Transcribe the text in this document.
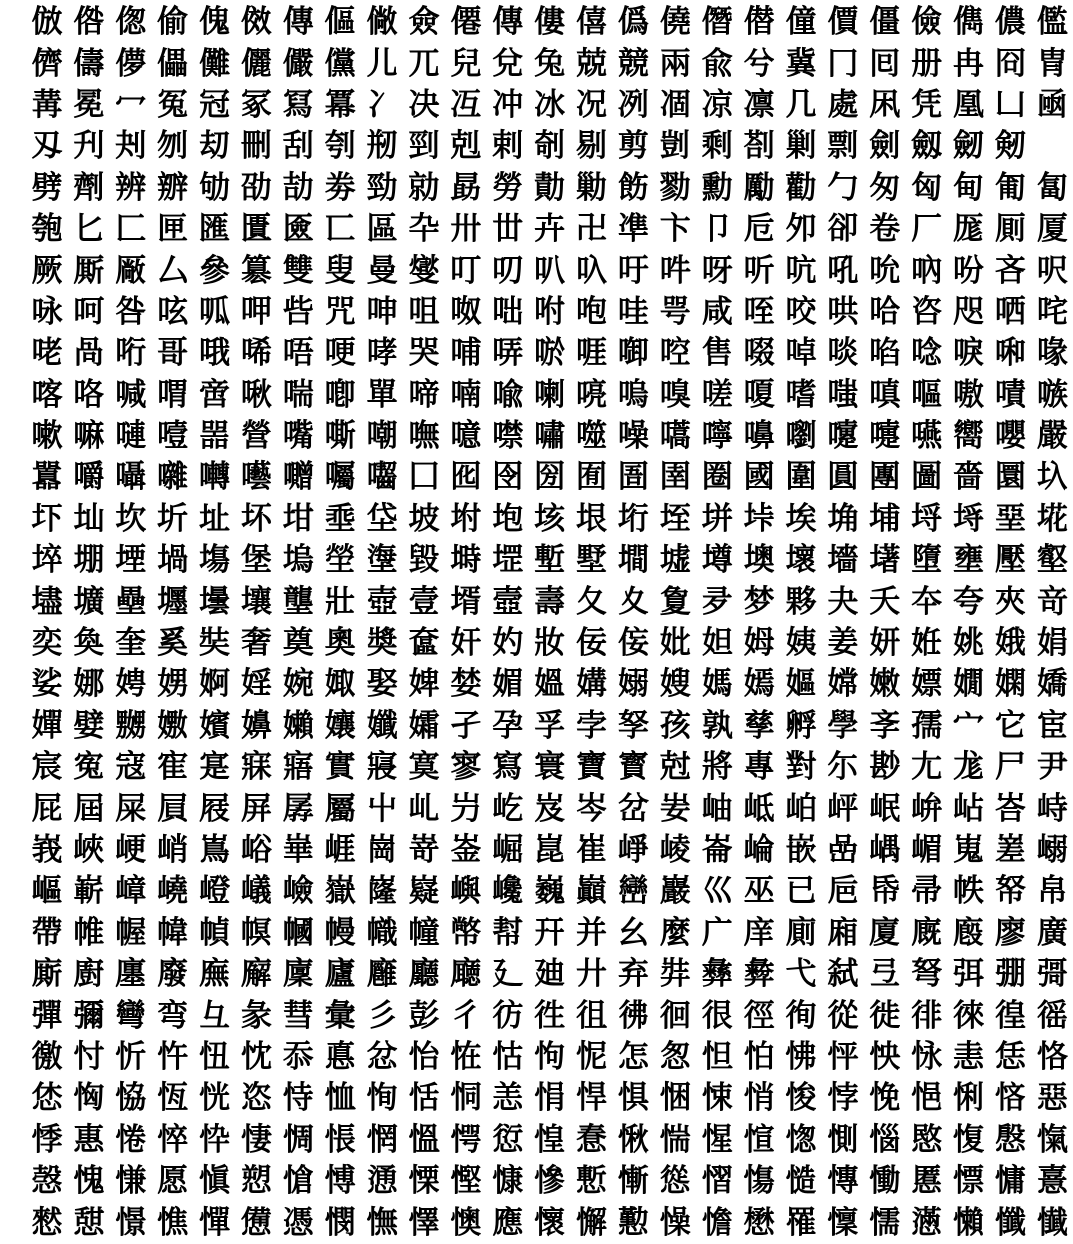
倣 倃 偬 偷 傀 傚 傳 傴 僘 僉 僊 傳 僂 僖 僞 僥 僭 僣 僮 價 僵 儉 儁 儂 儖
儕 儔 儚 儡 儺 儷 儼 儻 儿 兀 兒 兌 兔 兢 競 兩 兪 兮 冀 冂 囘 册 冉 冏 冑
冓 冕 冖 冤 冠 冢 冩 冪 冫 决 冱 冲 冰 况 冽 凅 凉 凛 几 處 凩 凭 凰 凵 凾
刄 刋 刔 刎 刧 刪 刮 刳 剏 剄 剋 剌 剞 剔 剪 剴 剩 剳 剿 剽 劍 劔 劒 剱
劈 劑 辨 辧 劬 劭 劼 劵 勁 勍 勗 勞 勣 勦 飭 勠 勳 勵 勸 勹 匆 匈 甸 匍 匐
匏 匕 匚 匣 匯 匱 匳 匸 區 卆 卅 丗 卉 卍 凖 卞 卩 卮 夘 卻 卷 厂 厖 厠 厦
厥 厮 厰 厶 參 簒 雙 叟 曼 燮 叮 叨 叭 叺 吁 吽 呀 听 吭 吼 吮 吶 吩 吝 呎
咏 呵 咎 呟 呱 呷 呰 咒 呻 咀 呶 咄 咐 咆 哇 咢 咸 咥 咬 哄 哈 咨 咫 哂 咤
咾 咼 哘 哥 哦 唏 唔 哽 哮 哭 哺 哢 唹 啀 啣 啌 售 啜 啅 啖 啗 唸 唳 啝 喙
喀 咯 喊 喟 啻 啾 喘 喞 單 啼 喃 喩 喇 喨 嗚 嗅 嗟 嗄 嗜 嗤 嗔 嘔 嗷 嘖 嗾
嗽 嘛 嗹 噎 噐 營 嘴 嘶 嘲 嘸 噫 噤 嘯 噬 噪 嚆 嚀 嚊 嚠 嚔 嚏 嚥 嚮 嚶 嚴
囂 嚼 囁 囃 囀 囈 囎 囑 囓 囗 囮 囹 圀 囿 圄 圉 圈 國 圍 圓 團 圖 嗇 圜 圦
圷 圸 坎 圻 址 坏 坩 埀 垈 坡 坿 垉 垓 垠 垳 垤 垪 垰 埃 埆 埔 埒 埓 堊 埖
埣 堋 堙 堝 塲 堡 塢 塋 塰 毀 塒 堽 塹 墅 墹 墟 墫 墺 壞 墻 墸 墮 壅 壓 壑
壗 壙 壘 壥 壜 壤 壟 壯 壺 壹 壻 壼 壽 夂 夊 夐 夛 梦 夥 夬 夭 夲 夸 夾 竒
奕 奐 奎 奚 奘 奢 奠 奧 奬 奩 奸 妁 妝 佞 侫 妣 妲 姆 姨 姜 妍 姙 姚 娥 娟
娑 娜 娉 娚 婀 婬 婉 娵 娶 婢 婪 媚 媼 媾 嫋 嫂 媽 嫣 嫗 嫦 嫩 嫖 嫺 嫻 嬌
嬋 嬖 嬲 嫐 嬪 嬶 嬾 孃 孅 孀 孑 孕 孚 孛 孥 孩 孰 孳 孵 學 斈 孺 宀 它 宦
宸 寃 寇 寉 寔 寐 寤 實 寢 寞 寥 寫 寰 寶 寳 尅 將 專 對 尓 尠 尢 尨 尸 尹
屁 屆 屎 屓 屐 屏 孱 屬 屮 乢 屶 屹 岌 岑 岔 妛 岫 岻 岶 岼 岷 峅 岾 峇 峙
峩 峽 峺 峭 嶌 峪 崋 崕 崗 嵜 崟 崛 崑 崔 崢 崚 崙 崘 嵌 嵒 嵎 嵋 嵬 嵳 嵶
嶇 嶄 嶂 嶢 嶝 嶬 嶮 嶽 嶐 嶷 嶼 巉 巍 巓 巒 巖 巛 巫 已 巵 帋 帚 帙 帑 帛
帶 帷 幄 幃 幀 幎 幗 幔 幟 幢 幤 幇 幵 并 幺 麼 广 庠 廁 廂 廈 廐 廏 廖 廣
廝 廚 廛 廢 廡 廨 廩 廬 廱 廳 廰 廴 廸 廾 弃 弉 彝 彜 弋 弑 弖 弩 弭 弸 彁
彈 彌 彎 弯 彑 彖 彗 彙 彡 彭 彳 彷 徃 徂 彿 徊 很 徑 徇 從 徙 徘 徠 徨 徭
徼 忖 忻 忤 忸 忱 忝 悳 忿 怡 恠 怙 怐 怩 怎 怱 怛 怕 怫 怦 怏 怺 恚 恁 恪
恷 恟 恊 恆 恍 恣 恃 恤 恂 恬 恫 恙 悁 悍 惧 悃 悚 悄 悛 悖 悗 悒 悧 悋 惡
悸 惠 惓 悴 忰 悽 惆 悵 惘 慍 愕 愆 惶 惷 愀 惴 惺 愃 愡 惻 惱 愍 愎 慇 愾
愨 愧 慊 愿 愼 愬 愴 愽 慂 慄 慳 慷 慘 慙 慚 慫 慴 慯 慥 慱 慟 慝 慓 慵 憙
憖 憇 憬 憔 憚 憊 憑 憫 憮 懌 懊 應 懷 懈 懃 懆 憺 懋 罹 懍 懦 懣 懶 懺 懴
